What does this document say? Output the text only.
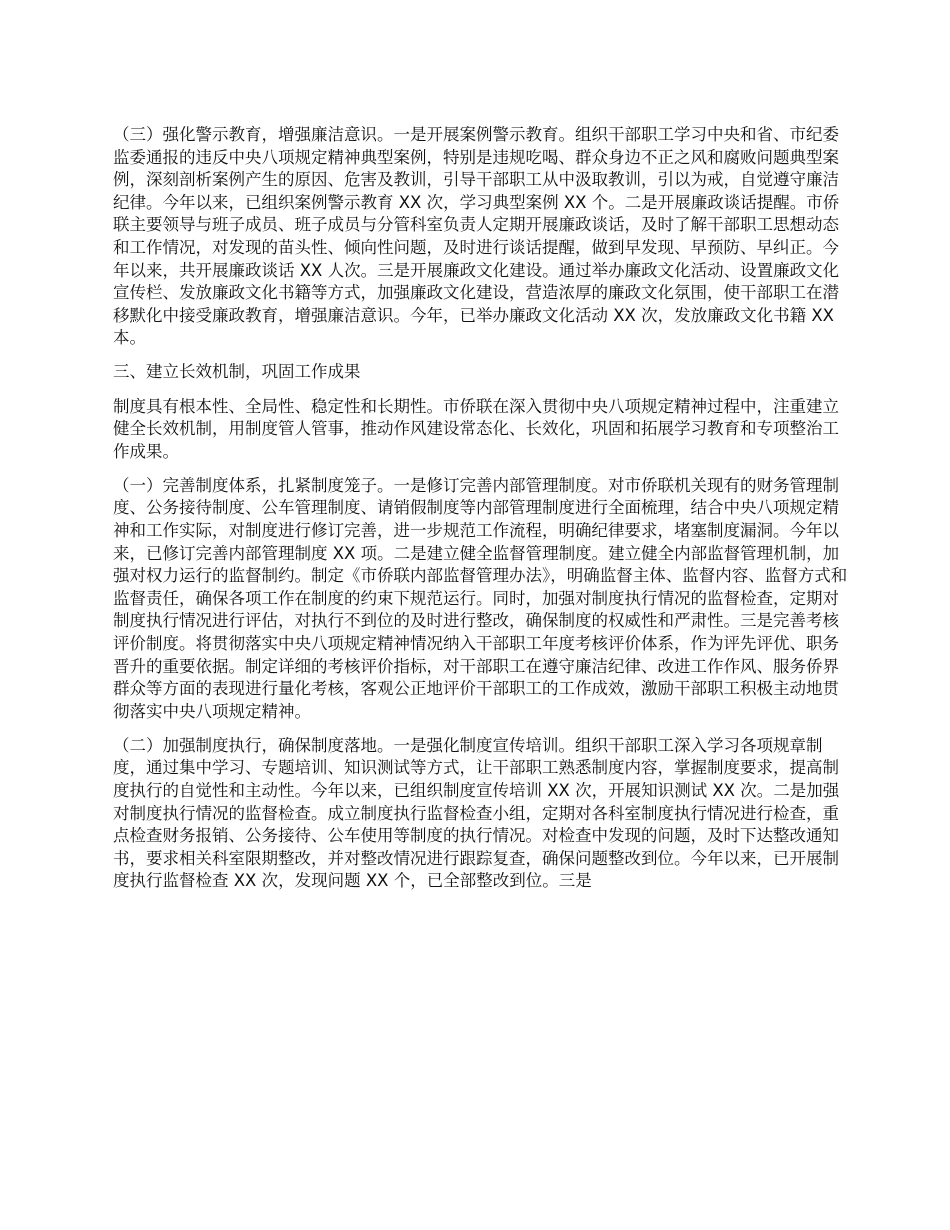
（三）强化警示教育，增强廉洁意识。一是开展案例警示教育。组织干部职工学习中央和省、市纪委监委通报的违反中央八项规定精神典型案例，特别是违规吃喝、群众身边不正之风和腐败问题典型案例，深刻剖析案例产生的原因、危害及教训，引导干部职工从中汲取教训，引以为戒，自觉遵守廉洁纪律。今年以来，已组织案例警示教育 XX 次，学习典型案例 XX 个。二是开展廉政谈话提醒。市侨联主要领导与班子成员、班子成员与分管科室负责人定期开展廉政谈话，及时了解干部职工思想动态和工作情况，对发现的苗头性、倾向性问题，及时进行谈话提醒，做到早发现、早预防、早纠正。今年以来，共开展廉政谈话 XX 人次。三是开展廉政文化建设。通过举办廉政文化活动、设置廉政文化宣传栏、发放廉政文化书籍等方式，加强廉政文化建设，营造浓厚的廉政文化氛围，使干部职工在潜移默化中接受廉政教育，增强廉洁意识。今年，已举办廉政文化活动 XX 次，发放廉政文化书籍 XX 本。

三、建立长效机制，巩固工作成果

制度具有根本性、全局性、稳定性和长期性。市侨联在深入贯彻中央八项规定精神过程中，注重建立健全长效机制，用制度管人管事，推动作风建设常态化、长效化，巩固和拓展学习教育和专项整治工作成果。

（一）完善制度体系，扎紧制度笼子。一是修订完善内部管理制度。对市侨联机关现有的财务管理制度、公务接待制度、公车管理制度、请销假制度等内部管理制度进行全面梳理，结合中央八项规定精神和工作实际，对制度进行修订完善，进一步规范工作流程，明确纪律要求，堵塞制度漏洞。今年以来，已修订完善内部管理制度 XX 项。二是建立健全监督管理制度。建立健全内部监督管理机制，加强对权力运行的监督制约。制定《市侨联内部监督管理办法》，明确监督主体、监督内容、监督方式和监督责任，确保各项工作在制度的约束下规范运行。同时，加强对制度执行情况的监督检查，定期对制度执行情况进行评估，对执行不到位的及时进行整改，确保制度的权威性和严肃性。三是完善考核评价制度。将贯彻落实中央八项规定精神情况纳入干部职工年度考核评价体系，作为评先评优、职务晋升的重要依据。制定详细的考核评价指标，对干部职工在遵守廉洁纪律、改进工作作风、服务侨界群众等方面的表现进行量化考核，客观公正地评价干部职工的工作成效，激励干部职工积极主动地贯彻落实中央八项规定精神。

（二）加强制度执行，确保制度落地。一是强化制度宣传培训。组织干部职工深入学习各项规章制度，通过集中学习、专题培训、知识测试等方式，让干部职工熟悉制度内容，掌握制度要求，提高制度执行的自觉性和主动性。今年以来，已组织制度宣传培训 XX 次，开展知识测试 XX 次。二是加强对制度执行情况的监督检查。成立制度执行监督检查小组，定期对各科室制度执行情况进行检查，重点检查财务报销、公务接待、公车使用等制度的执行情况。对检查中发现的问题，及时下达整改通知书，要求相关科室限期整改，并对整改情况进行跟踪复查，确保问题整改到位。今年以来，已开展制度执行监督检查 XX 次，发现问题 XX 个，已全部整改到位。三是
